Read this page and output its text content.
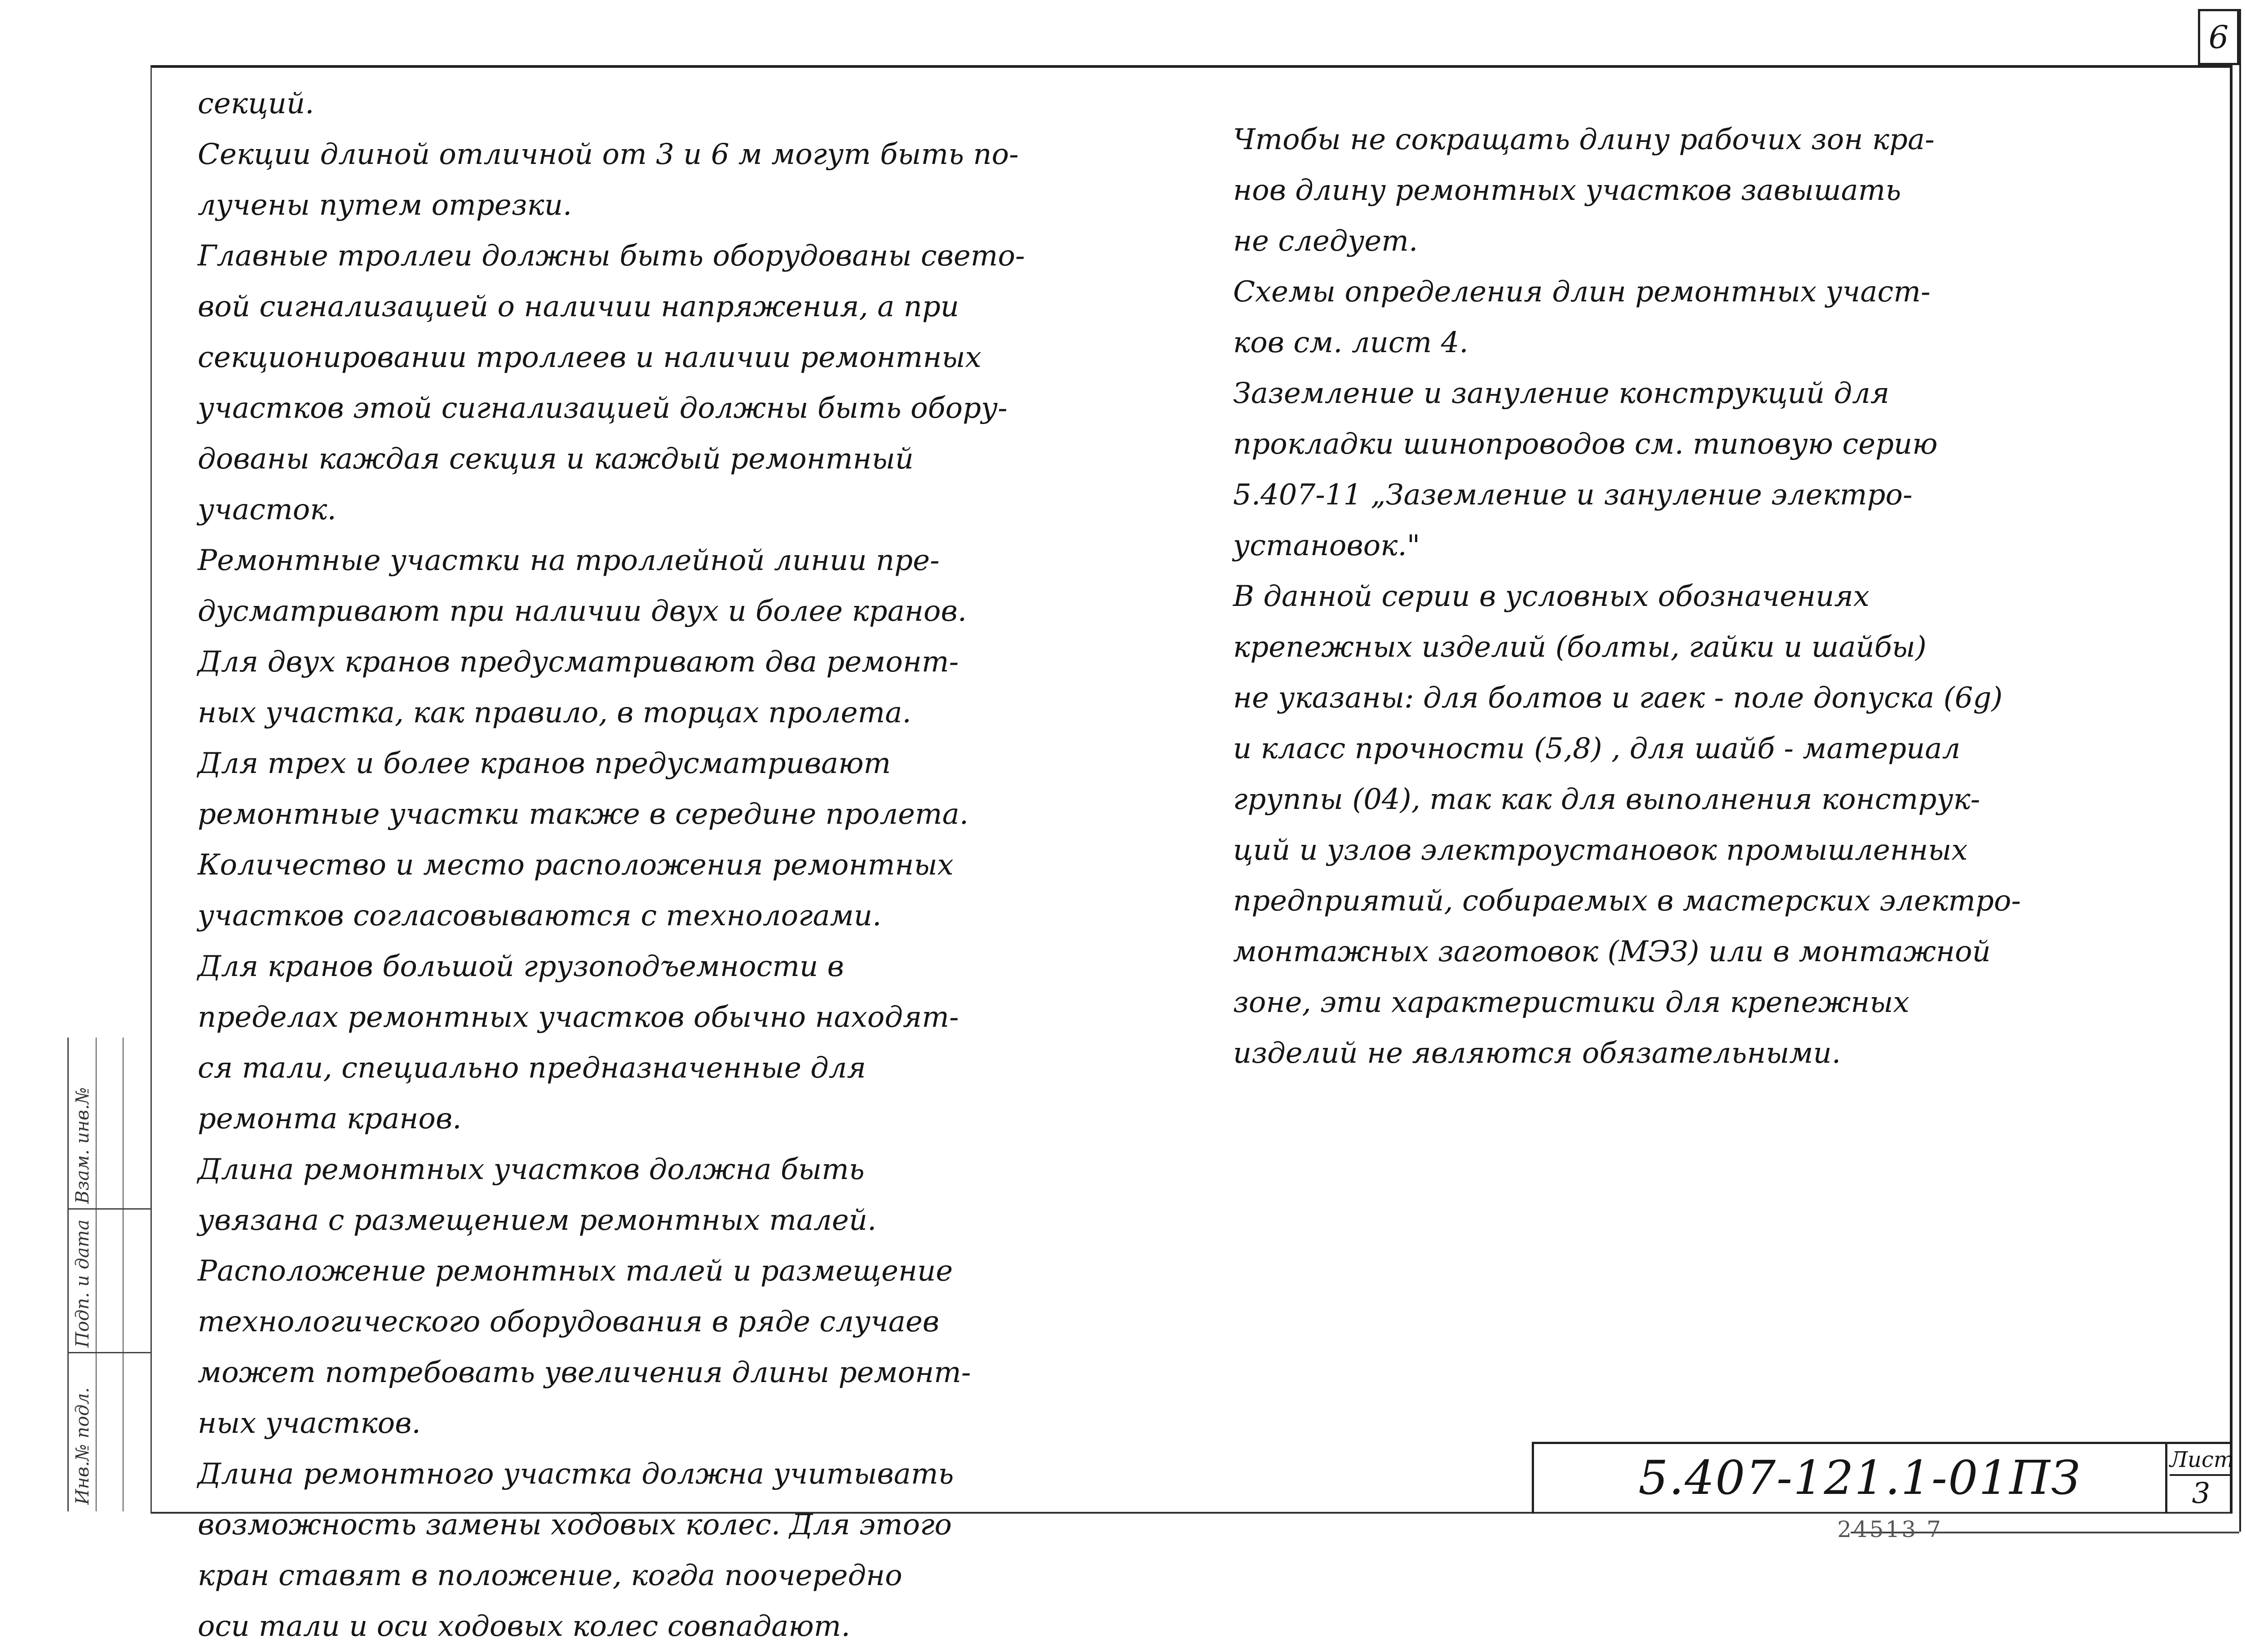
6

секций.

Секции длиной отличной от 3 и 6 м могут быть по-
лучены путем отрезки.

Главные троллеи должны быть оборудованы свето-
вой сигнализацией о наличии напряжения, а при
секционировании троллеев и наличии ремонтных
участков этой сигнализацией должны быть обору-
дованы каждая секция и каждый ремонтный
участок.

Ремонтные участки на троллейной линии пре-
дусматривают при наличии двух и более кранов.

Для двух кранов предусматривают два ремонт-
ных участка, как правило, в торцах пролета.

Для трех и более кранов предусматривают
ремонтные участки также в середине пролета.

Количество и место расположения ремонтных
участков согласовываются с технологами.

Для кранов большой грузоподъемности в
пределах ремонтных участков обычно находят-
ся тали, специально предназначенные для
ремонта кранов.

Длина ремонтных участков должна быть
увязана с размещением ремонтных талей.

Расположение ремонтных талей и размещение
технологического оборудования в ряде случаев
может потребовать увеличения длины ремонт-
ных участков.

Длина ремонтного участка должна учитывать
возможность замены ходовых колес. Для этого
кран ставят в положение, когда поочередно
оси тали и оси ходовых колес совпадают.

Чтобы не сокращать длину рабочих зон кра-
нов длину ремонтных участков завышать
не следует.

Схемы определения длин ремонтных участ-
ков см. лист 4.

Заземление и зануление конструкций для
прокладки шинопроводов см. типовую серию
5.407-11 „Заземление и зануление электро-
установок."

В данной серии в условных обозначениях
крепежных изделий (болты, гайки и шайбы)
не указаны: для болтов и гаек - поле допуска (6g)
и класс прочности (5,8) , для шайб - материал
группы (04), так как для выполнения конструк-
ций и узлов электроустановок промышленных
предприятий, собираемых в мастерских электро-
монтажных заготовок (МЭЗ) или в монтажной
зоне, эти характеристики для крепежных
изделий не являются обязательными.

Инв.№ подл.
Подп. и дата
Взам. инв.№
5.407-121.1-01ПЗ	Лист
3
24513 7
